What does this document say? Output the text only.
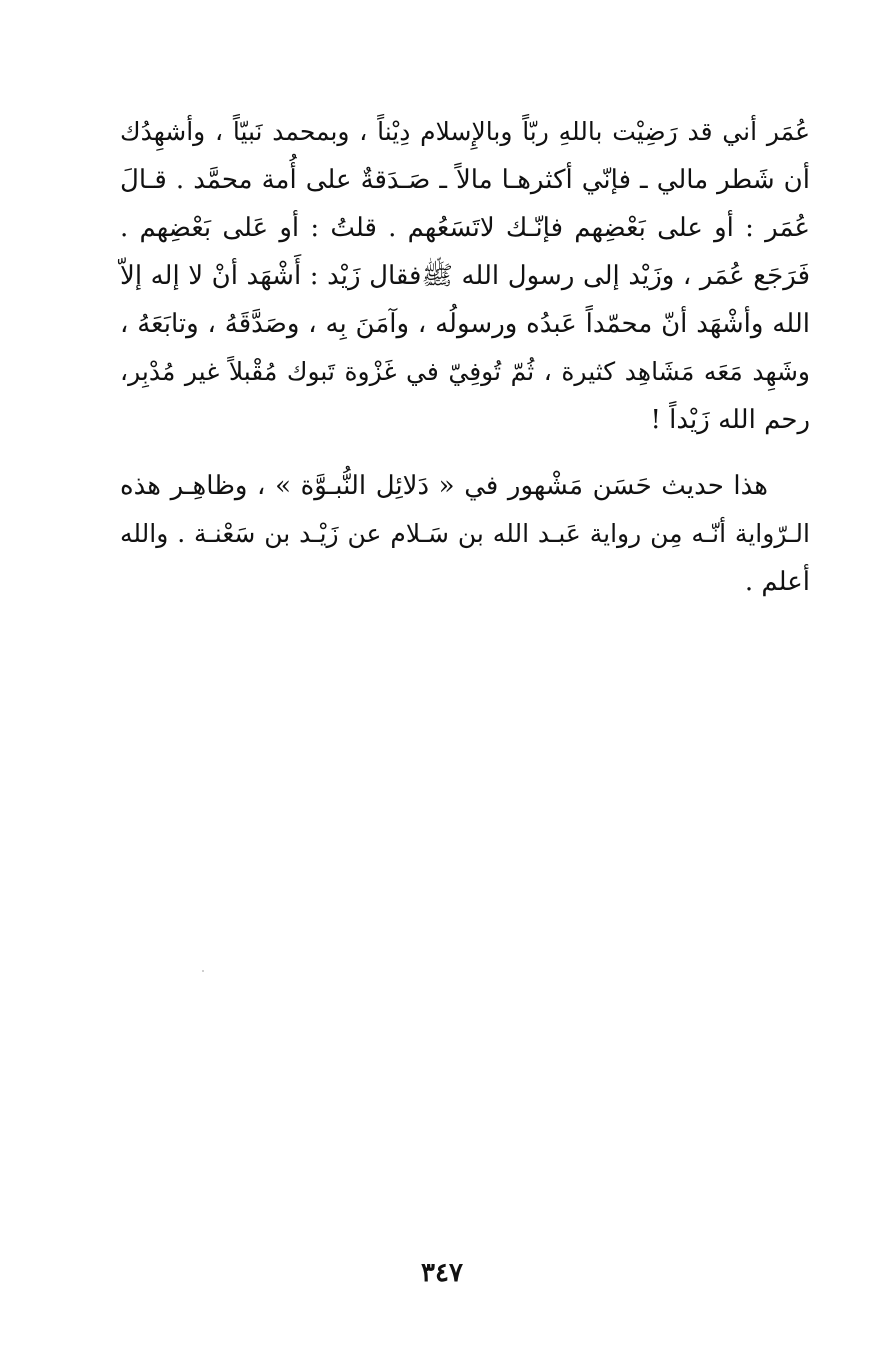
عُمَر أني قد رَضِيْت باللهِ ربّاً وبالإِسلام دِيْناً ، وبمحمد نَبيّاً ، وأشهِدُك
أن شَطر مالي ـ فإنّي أكثرهـا مالاً ـ صَـدَقةٌ على أُمة محمَّد . قـالَ
عُمَر : أو على بَعْضِهم فإنّـك لاتَسَعُهم . قلتُ : أو عَلى بَعْضِهم .
فَرَجَع عُمَر ، وزَيْد إلى رسول الله ﷺفقال زَيْد : أَشْهَد أنْ لا إله إلاّ
الله وأشْهَد أنّ محمّداً عَبدُه ورسولُه ، وآمَنَ بِه ، وصَدَّقَهُ ، وتابَعَهُ ،
وشَهِد مَعَه مَشَاهِد كثيرة ، ثُمّ تُوفِيّ في غَزْوة تَبوك مُقْبلاً غير مُدْبِر،
رحم الله زَيْداً !
هذا حديث حَسَن مَشْهور في « دَلائِل النُّبـوَّة » ، وظاهِـر هذه
الـرّواية أنّـه مِن رواية عَبـد الله بن سَـلام عن زَيْـد بن سَعْنـة . والله
أعلم .
٣٤٧
